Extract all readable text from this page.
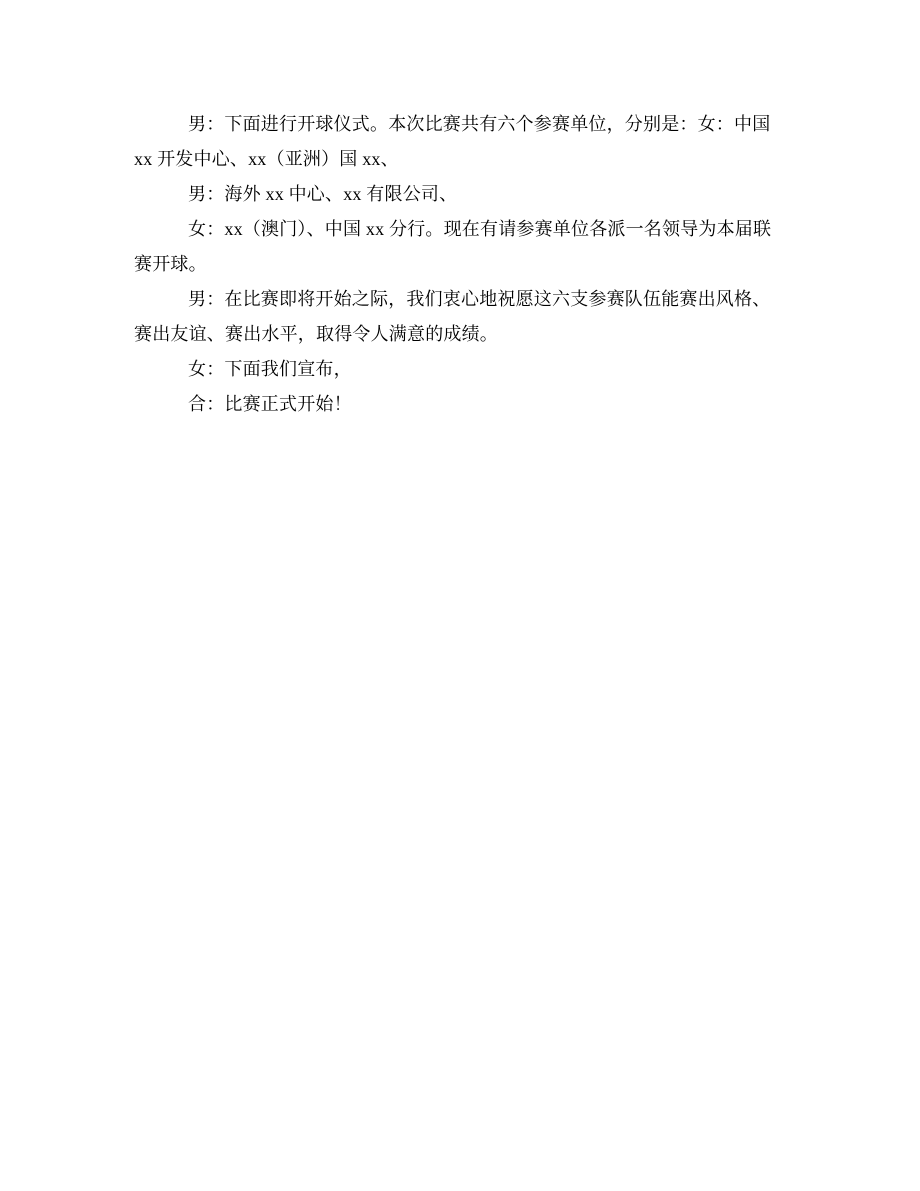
男：下面进行开球仪式。本次比赛共有六个参赛单位，分别是：女：中国 xx 开发中心、xx（亚洲）国 xx、

男：海外 xx 中心、xx 有限公司、

女：xx（澳门）、中国 xx 分行。现在有请参赛单位各派一名领导为本届联赛开球。

男：在比赛即将开始之际，我们衷心地祝愿这六支参赛队伍能赛出风格、赛出友谊、赛出水平，取得令人满意的成绩。

女：下面我们宣布，

合：比赛正式开始！
